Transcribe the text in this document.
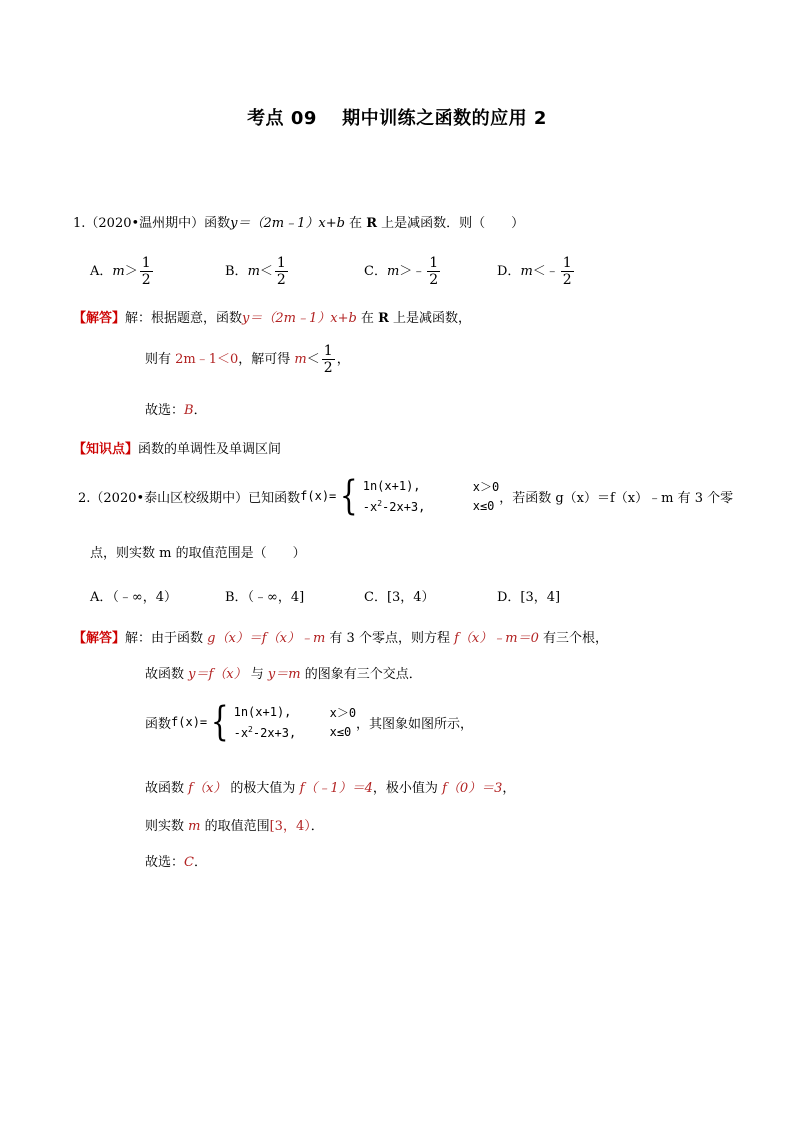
考点 09　 期中训练之函数的应用 2
1.（2020•温州期中）函数y＝（2m﹣1）x+b 在 R 上是减函数．则（　　）
A．$m> \frac{1}{2}$	B．$m< \frac{1}{2}$	C．m＞﹣ $\frac{1}{2}$	D．m＜﹣ $\frac{1}{2}$
【解答】解：根据题意，函数y＝（2m﹣1）x+b 在 R 上是减函数，
则有 2m﹣1＜0，解可得 $m< \frac{1}{2}$ ，
故选：B．
【知识点】函数的单调性及单调区间
2.（2020•泰山区校级期中）已知函数 f(x)= { 1n(x+1),	x＞0
$-x^2-2x+3$,	x≤0
，若函数 g（x）＝f（x）﹣m 有 3 个零
点，则实数 m 的取值范围是（　　）
A．（﹣∞，4）	B．（﹣∞，4]	C．[3，4）	D．[3，4]
【解答】解：由于函数 g（x）＝f（x）﹣m 有 3 个零点，则方程 f（x）﹣m＝0 有三个根，
故函数 y＝f（x） 与 y＝m 的图象有三个交点．
函数 f(x)= { 1n(x+1),	x＞0
$-x^2-2x+3$,	x≤0
，其图象如图所示，
故函数 f（x） 的极大值为 f（﹣1）＝4，极小值为 f（0）＝3，
则实数 m 的取值范围[3，4）．
故选：C．
